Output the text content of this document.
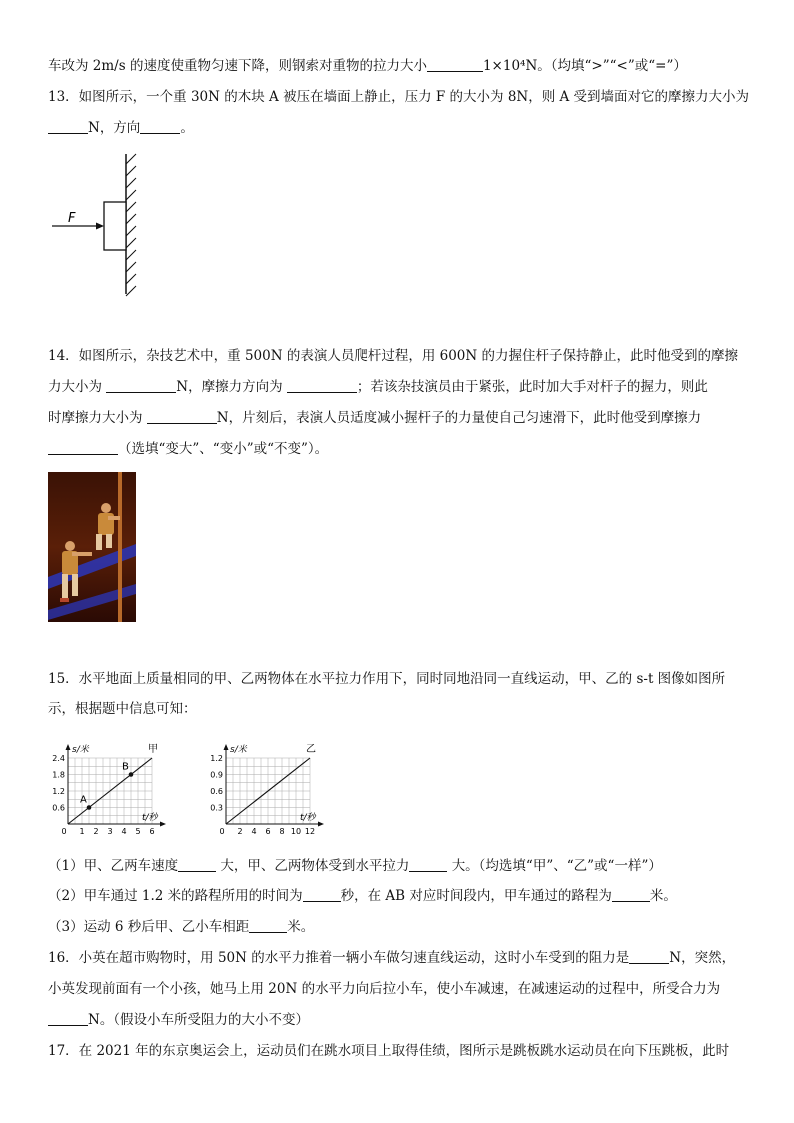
车改为 2m/s 的速度使重物匀速下降，则钢索对重物的拉力大小	1×10⁴N。（均填“>”“<”或“=”）
13．如图所示，一个重 30N 的木块 A 被压在墙面上静止，压力 F 的大小为 8N，则 A 受到墙面对它的摩擦力大小为
N，方向	。
F
14．如图所示，杂技艺术中，重 500N 的表演人员爬杆过程，用 600N 的力握住杆子保持静止，此时他受到的摩擦
力大小为	N，摩擦力方向为	；若该杂技演员由于紧张，此时加大手对杆子的握力，则此
时摩擦力大小为	N，片刻后，表演人员适度减小握杆子的力量使自己匀速滑下，此时他受到摩擦力
（选填“变大”、“变小”或“不变”）。
15．水平地面上质量相同的甲、乙两物体在水平拉力作用下，同时同地沿同一直线运动，甲、乙的 s-t 图像如图所
示，根据题中信息可知：
0 1 2 3 4 5 6
0.6
1.2
1.8
2.4
s/米
t/秒
甲
A
B
0 2 4 6 8 10 12
0.3
0.6
0.9
1.2
s/米
t/秒
乙
（1）甲、乙两车速度	大，甲、乙两物体受到水平拉力	大。（均选填“甲”、“乙”或“一样”）
（2）甲车通过 1.2 米的路程所用的时间为	秒，在 AB 对应时间段内，甲车通过的路程为	米。
（3）运动 6 秒后甲、乙小车相距	米。
16．小英在超市购物时，用 50N 的水平力推着一辆小车做匀速直线运动，这时小车受到的阻力是	N，突然，
小英发现前面有一个小孩，她马上用 20N 的水平力向后拉小车，使小车减速，在减速运动的过程中，所受合力为
N。（假设小车所受阻力的大小不变）
17．在 2021 年的东京奥运会上，运动员们在跳水项目上取得佳绩，图所示是跳板跳水运动员在向下压跳板，此时
